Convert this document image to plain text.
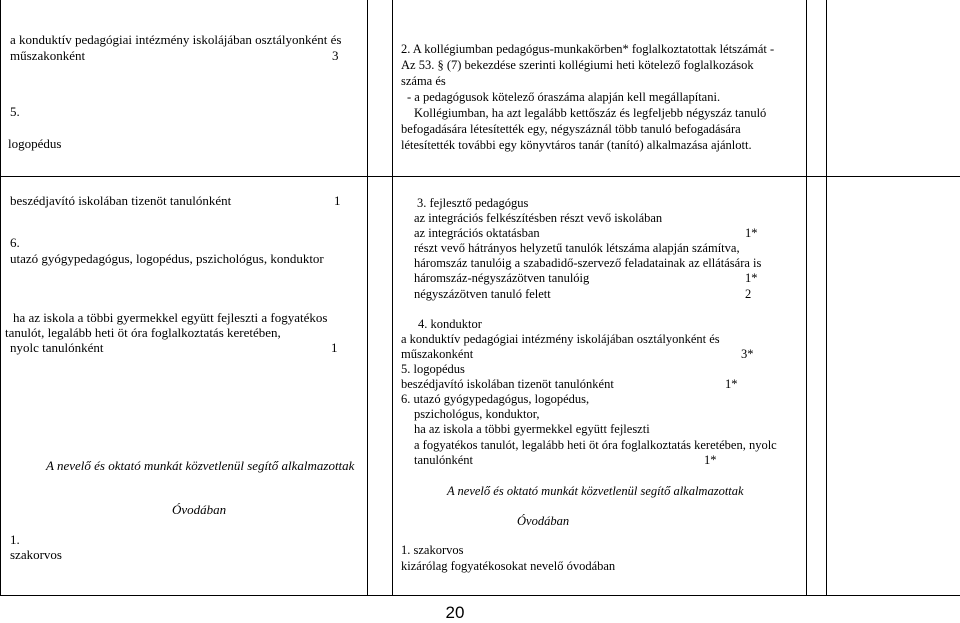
a konduktív pedagógiai intézmény iskolájában osztályonként és
műszakonként	3
5.
logopédus
2. A kollégiumban pedagógus-munkakörben* foglalkoztatottak létszámát -
Az 53. § (7) bekezdése szerinti kollégiumi heti kötelező foglalkozások
száma és
- a pedagógusok kötelező óraszáma alapján kell megállapítani.
Kollégiumban, ha azt legalább kettőszáz és legfeljebb négyszáz tanuló
befogadására létesítették egy, négyszáznál több tanuló befogadására
létesítették további egy könyvtáros tanár (tanító) alkalmazása ajánlott.
beszédjavító iskolában tizenöt tanulónként	1
6.
utazó gyógypedagógus, logopédus, pszichológus, konduktor
ha az iskola a többi gyermekkel együtt fejleszti a fogyatékos
tanulót, legalább heti öt óra foglalkoztatás keretében,
nyolc tanulónként	1
A nevelő és oktató munkát közvetlenül segítő alkalmazottak
Óvodában
1.
szakorvos
3. fejlesztő pedagógus
az integrációs felkészítésben részt vevő iskolában
az integrációs oktatásban	1*
részt vevő hátrányos helyzetű tanulók létszáma alapján számítva,
háromszáz tanulóig a szabadidő-szervező feladatainak az ellátására is
háromszáz-négyszázötven tanulóig	1*
négyszázötven tanuló felett	2
4. konduktor
a konduktív pedagógiai intézmény iskolájában osztályonként és
műszakonként	3*
5. logopédus
beszédjavító iskolában tizenöt tanulónként	1*
6. utazó gyógypedagógus, logopédus,
pszichológus, konduktor,
ha az iskola a többi gyermekkel együtt fejleszti
a fogyatékos tanulót, legalább heti öt óra foglalkoztatás keretében, nyolc
tanulónként	1*
A nevelő és oktató munkát közvetlenül segítő alkalmazottak
Óvodában
1. szakorvos
kizárólag fogyatékosokat nevelő óvodában
20
